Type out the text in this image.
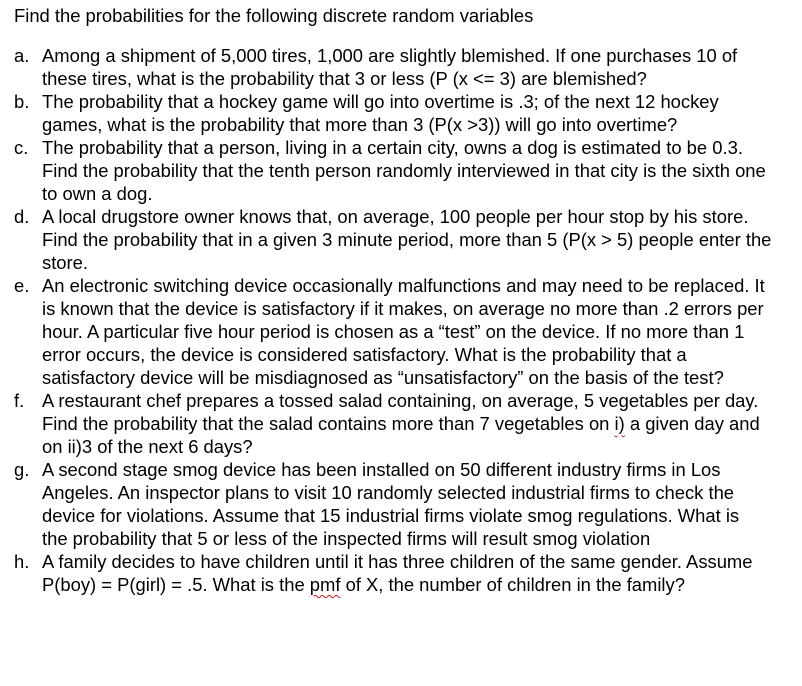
Find the probabilities for the following discrete random variables
a. Among a shipment of 5,000 tires, 1,000 are slightly blemished. If one purchases 10 of these tires, what is the probability that 3 or less (P (x <= 3) are blemished?
b. The probability that a hockey game will go into overtime is .3; of the next 12 hockey games, what is the probability that more than 3 (P(x >3)) will go into overtime?
c. The probability that a person, living in a certain city, owns a dog is estimated to be 0.3. Find the probability that the tenth person randomly interviewed in that city is the sixth one to own a dog.
d. A local drugstore owner knows that, on average, 100 people per hour stop by his store. Find the probability that in a given 3 minute period, more than 5 (P(x > 5) people enter the store.
e. An electronic switching device occasionally malfunctions and may need to be replaced. It is known that the device is satisfactory if it makes, on average no more than .2 errors per hour. A particular five hour period is chosen as a “test” on the device. If no more than 1 error occurs, the device is considered satisfactory. What is the probability that a satisfactory device will be misdiagnosed as “unsatisfactory” on the basis of the test?
f. A restaurant chef prepares a tossed salad containing, on average, 5 vegetables per day. Find the probability that the salad contains more than 7 vegetables on i) a given day and on ii)3 of the next 6 days?
g. A second stage smog device has been installed on 50 different industry firms in Los Angeles. An inspector plans to visit 10 randomly selected industrial firms to check the device for violations. Assume that 15 industrial firms violate smog regulations. What is the probability that 5 or less of the inspected firms will result smog violation
h. A family decides to have children until it has three children of the same gender. Assume P(boy) = P(girl) = .5. What is the pmf of X, the number of children in the family?
